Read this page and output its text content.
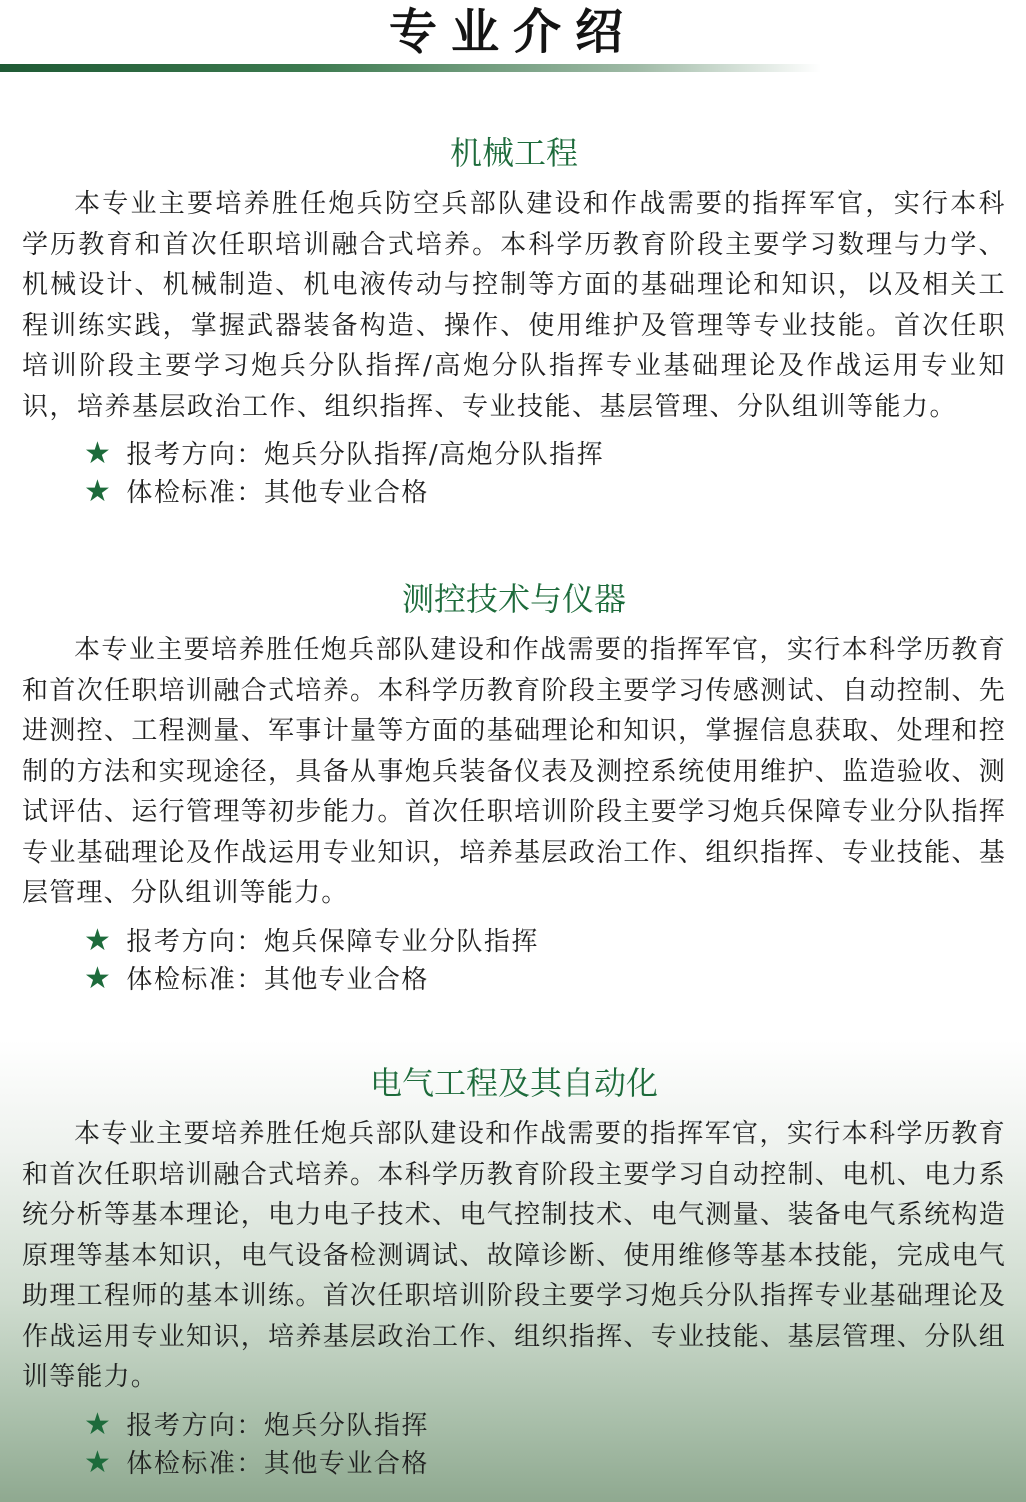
专业介绍
机械工程

本专业主要培养胜任炮兵防空兵部队建设和作战需要的指挥军官，实行本科学历教育和首次任职培训融合式培养。本科学历教育阶段主要学习数理与力学、机械设计、机械制造、机电液传动与控制等方面的基础理论和知识，以及相关工程训练实践，掌握武器装备构造、操作、使用维护及管理等专业技能。首次任职培训阶段主要学习炮兵分队指挥/高炮分队指挥专业基础理论及作战运用专业知识，培养基层政治工作、组织指挥、专业技能、基层管理、分队组训等能力。

★ 报考方向：炮兵分队指挥/高炮分队指挥
★ 体检标准：其他专业合格
测控技术与仪器

本专业主要培养胜任炮兵部队建设和作战需要的指挥军官，实行本科学历教育和首次任职培训融合式培养。本科学历教育阶段主要学习传感测试、自动控制、先进测控、工程测量、军事计量等方面的基础理论和知识，掌握信息获取、处理和控制的方法和实现途径，具备从事炮兵装备仪表及测控系统使用维护、监造验收、测试评估、运行管理等初步能力。首次任职培训阶段主要学习炮兵保障专业分队指挥专业基础理论及作战运用专业知识，培养基层政治工作、组织指挥、专业技能、基层管理、分队组训等能力。

★ 报考方向：炮兵保障专业分队指挥
★ 体检标准：其他专业合格
电气工程及其自动化

本专业主要培养胜任炮兵部队建设和作战需要的指挥军官，实行本科学历教育和首次任职培训融合式培养。本科学历教育阶段主要学习自动控制、电机、电力系统分析等基本理论，电力电子技术、电气控制技术、电气测量、装备电气系统构造原理等基本知识，电气设备检测调试、故障诊断、使用维修等基本技能，完成电气助理工程师的基本训练。首次任职培训阶段主要学习炮兵分队指挥专业基础理论及作战运用专业知识，培养基层政治工作、组织指挥、专业技能、基层管理、分队组训等能力。

★ 报考方向：炮兵分队指挥
★ 体检标准：其他专业合格
